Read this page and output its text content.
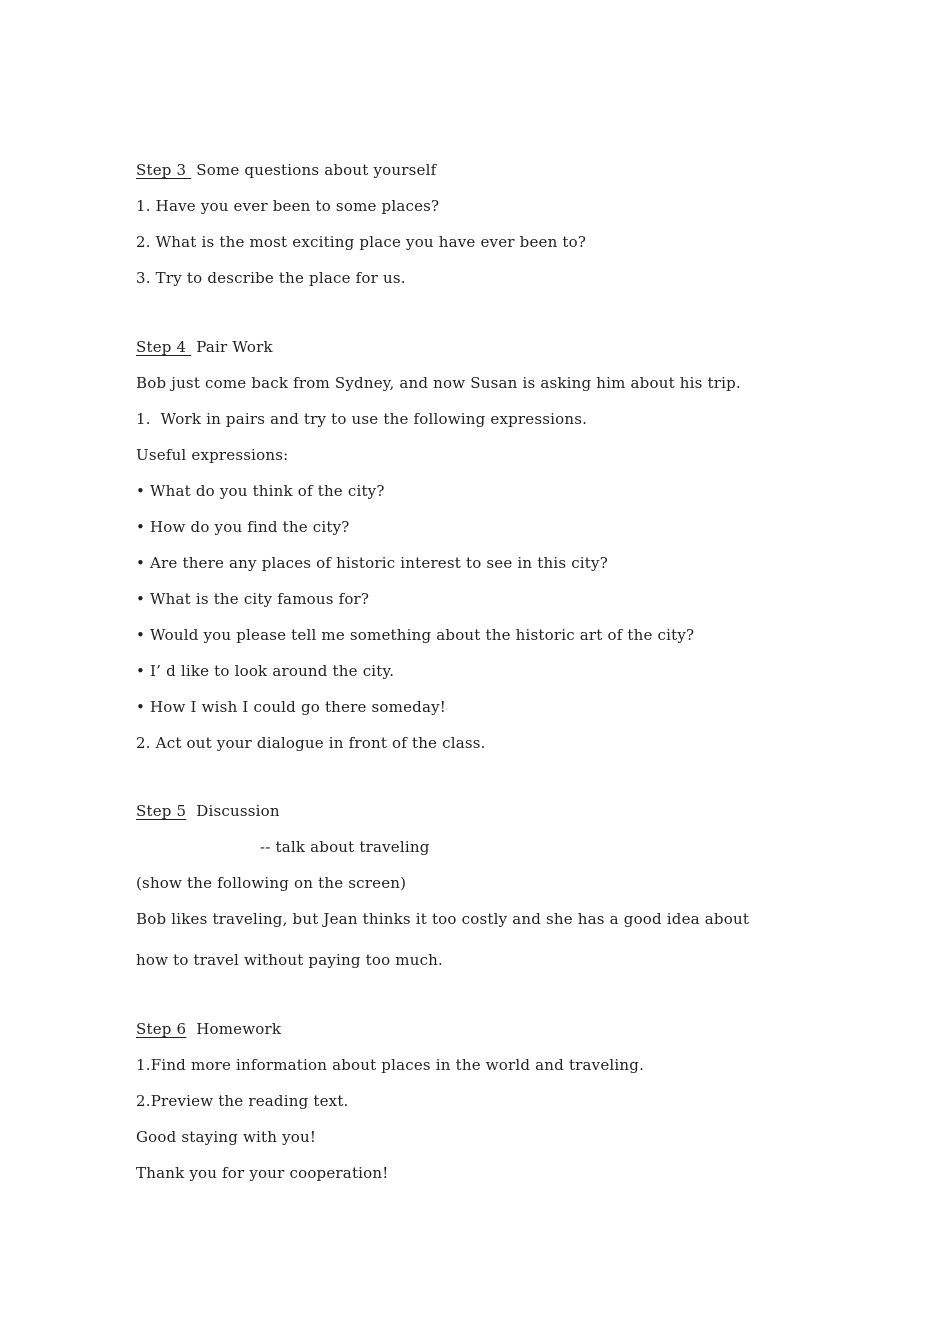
Step 3  Some questions about yourself
1. Have you ever been to some places?
2. What is the most exciting place you have ever been to?
3. Try to describe the place for us.
Step 4  Pair Work
Bob just come back from Sydney, and now Susan is asking him about his trip.
1.  Work in pairs and try to use the following expressions.
Useful expressions:
• What do you think of the city?
• How do you find the city?
• Are there any places of historic interest to see in this city?
• What is the city famous for?
• Would you please tell me something about the historic art of the city?
• I’ d like to look around the city.
• How I wish I could go there someday!
2. Act out your dialogue in front of the class.
Step 5 Discussion
-- talk about traveling
(show the following on the screen)
Bob likes traveling, but Jean thinks it too costly and she has a good idea about
how to travel without paying too much.
Step 6 Homework
1.Find more information about places in the world and traveling.
2.Preview the reading text.
Good staying with you!
Thank you for your cooperation!
